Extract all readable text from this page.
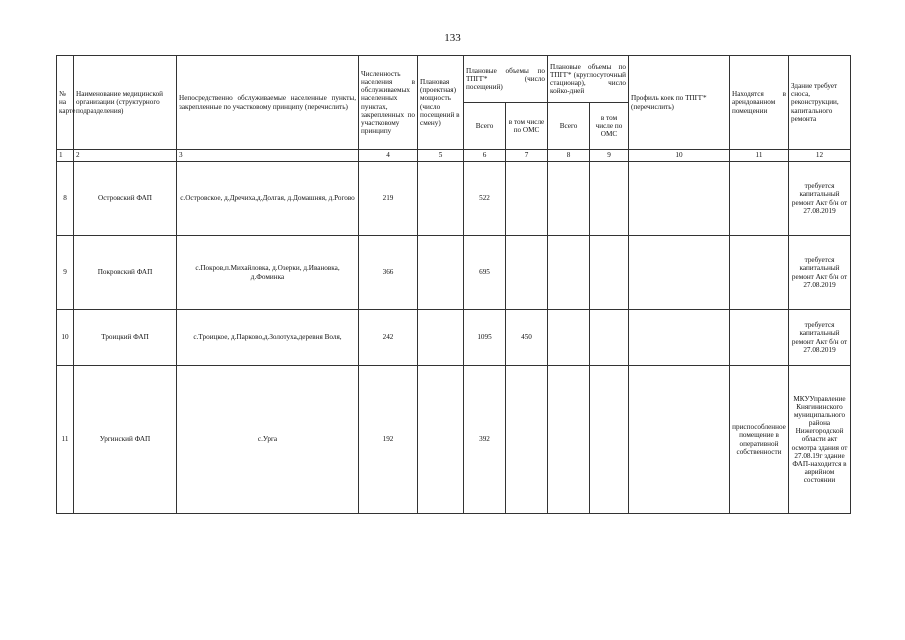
133
№ на карте	Наименование медицинской организации (структурного подразделения)	Непосредственно обслуживаемые населенные пункты, закрепленные по участковому принципу (перечислить)	Численность населения в обслуживаемых населенных пунктах, закрепленных по участковому принципу	Плановая (проектная) мощность (число посещений в смену)	Плановые объемы по ТПГГ* (число посещений)		Плановые объемы по ТПГГ* (круглосуточный стационар), число койко-дней		Профиль коек по ТПГГ* (перечислить)	Находятся в арендованном помещении	Здание требует сноса, реконструкции, капитального ремонта
					Всего	в том числе по ОМС	Всего	в том числе по ОМС			
1	2	3	4	5	6	7	8	9	10	11	12
8	Островский ФАП	с.Островское, д.Дречиха,д.Долгая, д.Домашняя, д.Рогово	219		522						требуется капитальный ремонт Акт б/н от 27.08.2019
9	Покровский ФАП	с.Покров,п.Михайловка, д.Озерки, д.Ивановка, д.Фоминка	366		695						требуется капитальный ремонт Акт б/н от 27.08.2019
10	Троицкий ФАП	с.Троицкое, д.Парково,д.Золотуха,деревня Воля,	242		1095	450					требуется капитальный ремонт Акт б/н от 27.08.2019
11	Ургинский ФАП	с.Урга	192		392					приспособленное помещение в оперативной собственности	МКУУправление Княгининского муниципального района Нижегородской области акт осмотра здания от 27.08.19г здание ФАП-находится в аврийном состоянии
